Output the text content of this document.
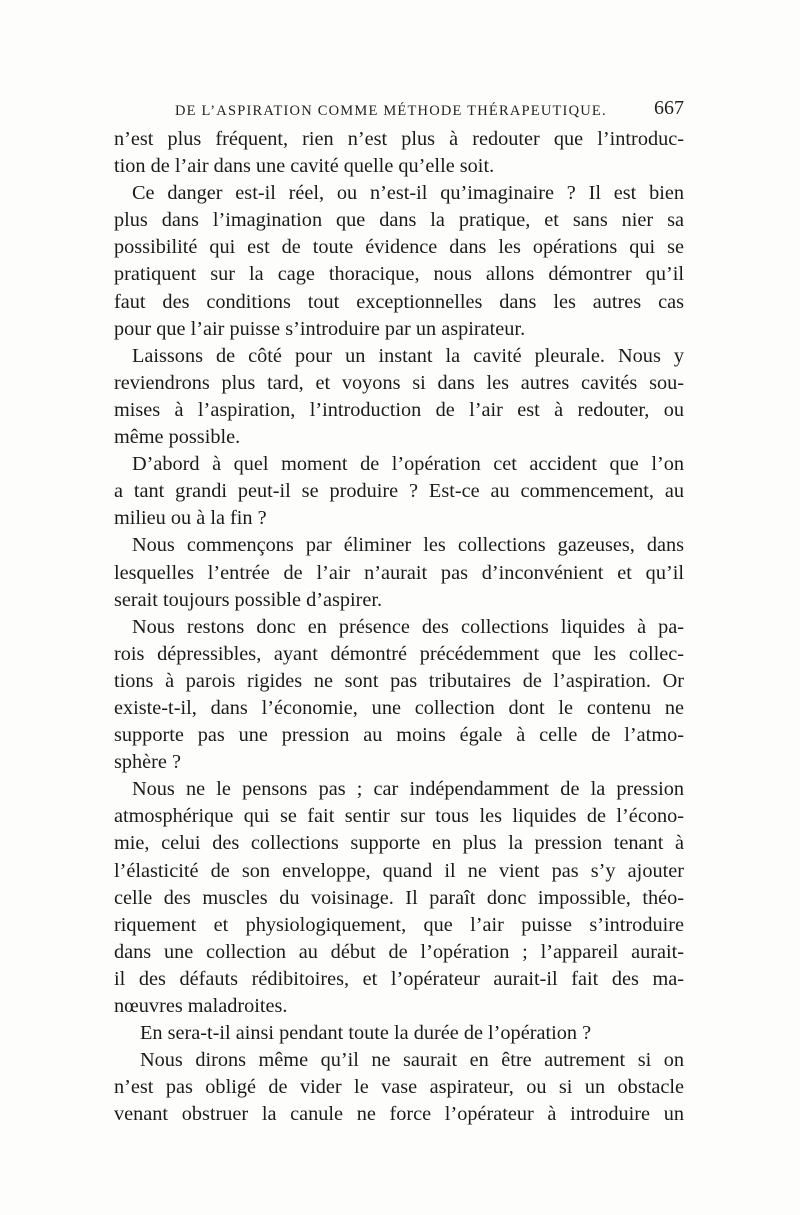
DE L’ASPIRATION COMME MÉTHODE THÉRAPEUTIQUE. 667
n’est plus fréquent, rien n’est plus à redouter que l’introduc-
tion de l’air dans une cavité quelle qu’elle soit.
Ce danger est-il réel, ou n’est-il qu’imaginaire ? Il est bien
plus dans l’imagination que dans la pratique, et sans nier sa
possibilité qui est de toute évidence dans les opérations qui se
pratiquent sur la cage thoracique, nous allons démontrer qu’il
faut des conditions tout exceptionnelles dans les autres cas
pour que l’air puisse s’introduire par un aspirateur.
Laissons de côté pour un instant la cavité pleurale. Nous y
reviendrons plus tard, et voyons si dans les autres cavités sou-
mises à l’aspiration, l’introduction de l’air est à redouter, ou
même possible.
D’abord à quel moment de l’opération cet accident que l’on
a tant grandi peut-il se produire ? Est-ce au commencement, au
milieu ou à la fin ?
Nous commençons par éliminer les collections gazeuses, dans
lesquelles l’entrée de l’air n’aurait pas d’inconvénient et qu’il
serait toujours possible d’aspirer.
Nous restons donc en présence des collections liquides à pa-
rois dépressibles, ayant démontré précédemment que les collec-
tions à parois rigides ne sont pas tributaires de l’aspiration. Or
existe-t-il, dans l’économie, une collection dont le contenu ne
supporte pas une pression au moins égale à celle de l’atmo-
sphère ?
Nous ne le pensons pas ; car indépendamment de la pression
atmosphérique qui se fait sentir sur tous les liquides de l’écono-
mie, celui des collections supporte en plus la pression tenant à
l’élasticité de son enveloppe, quand il ne vient pas s’y ajouter
celle des muscles du voisinage. Il paraît donc impossible, théo-
riquement et physiologiquement, que l’air puisse s’introduire
dans une collection au début de l’opération ; l’appareil aurait-
il des défauts rédibitoires, et l’opérateur aurait-il fait des ma-
nœuvres maladroites.
En sera-t-il ainsi pendant toute la durée de l’opération ?
Nous dirons même qu’il ne saurait en être autrement si on
n’est pas obligé de vider le vase aspirateur, ou si un obstacle
venant obstruer la canule ne force l’opérateur à introduire un
